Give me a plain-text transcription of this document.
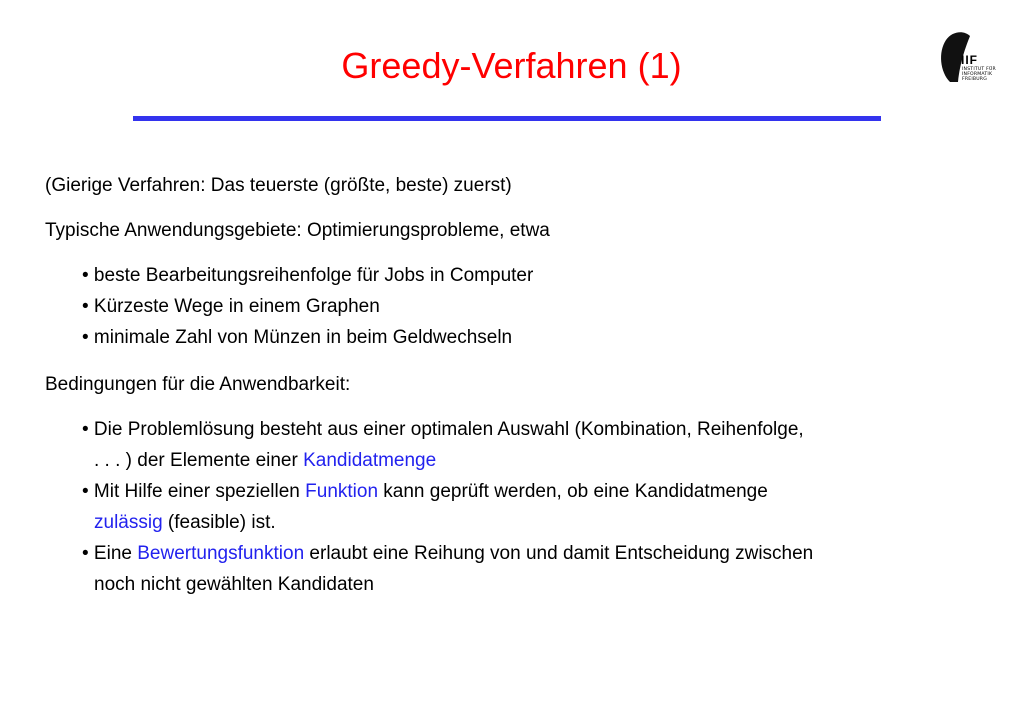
Greedy-Verfahren (1)	IIF
INSTITUT FÜR
INFORMATIK
FREIBURG
(Gierige Verfahren: Das teuerste (größte, beste) zuerst)
Typische Anwendungsgebiete: Optimierungsprobleme, etwa
• beste Bearbeitungsreihenfolge für Jobs in Computer
• Kürzeste Wege in einem Graphen
• minimale Zahl von Münzen in beim Geldwechseln
Bedingungen für die Anwendbarkeit:
• Die Problemlösung besteht aus einer optimalen Auswahl (Kombination, Reihenfolge,
. . . ) der Elemente einer Kandidatmenge
• Mit Hilfe einer speziellen Funktion kann geprüft werden, ob eine Kandidatmenge
zulässig (feasible) ist.
• Eine Bewertungsfunktion erlaubt eine Reihung von und damit Entscheidung zwischen
noch nicht gewählten Kandidaten
